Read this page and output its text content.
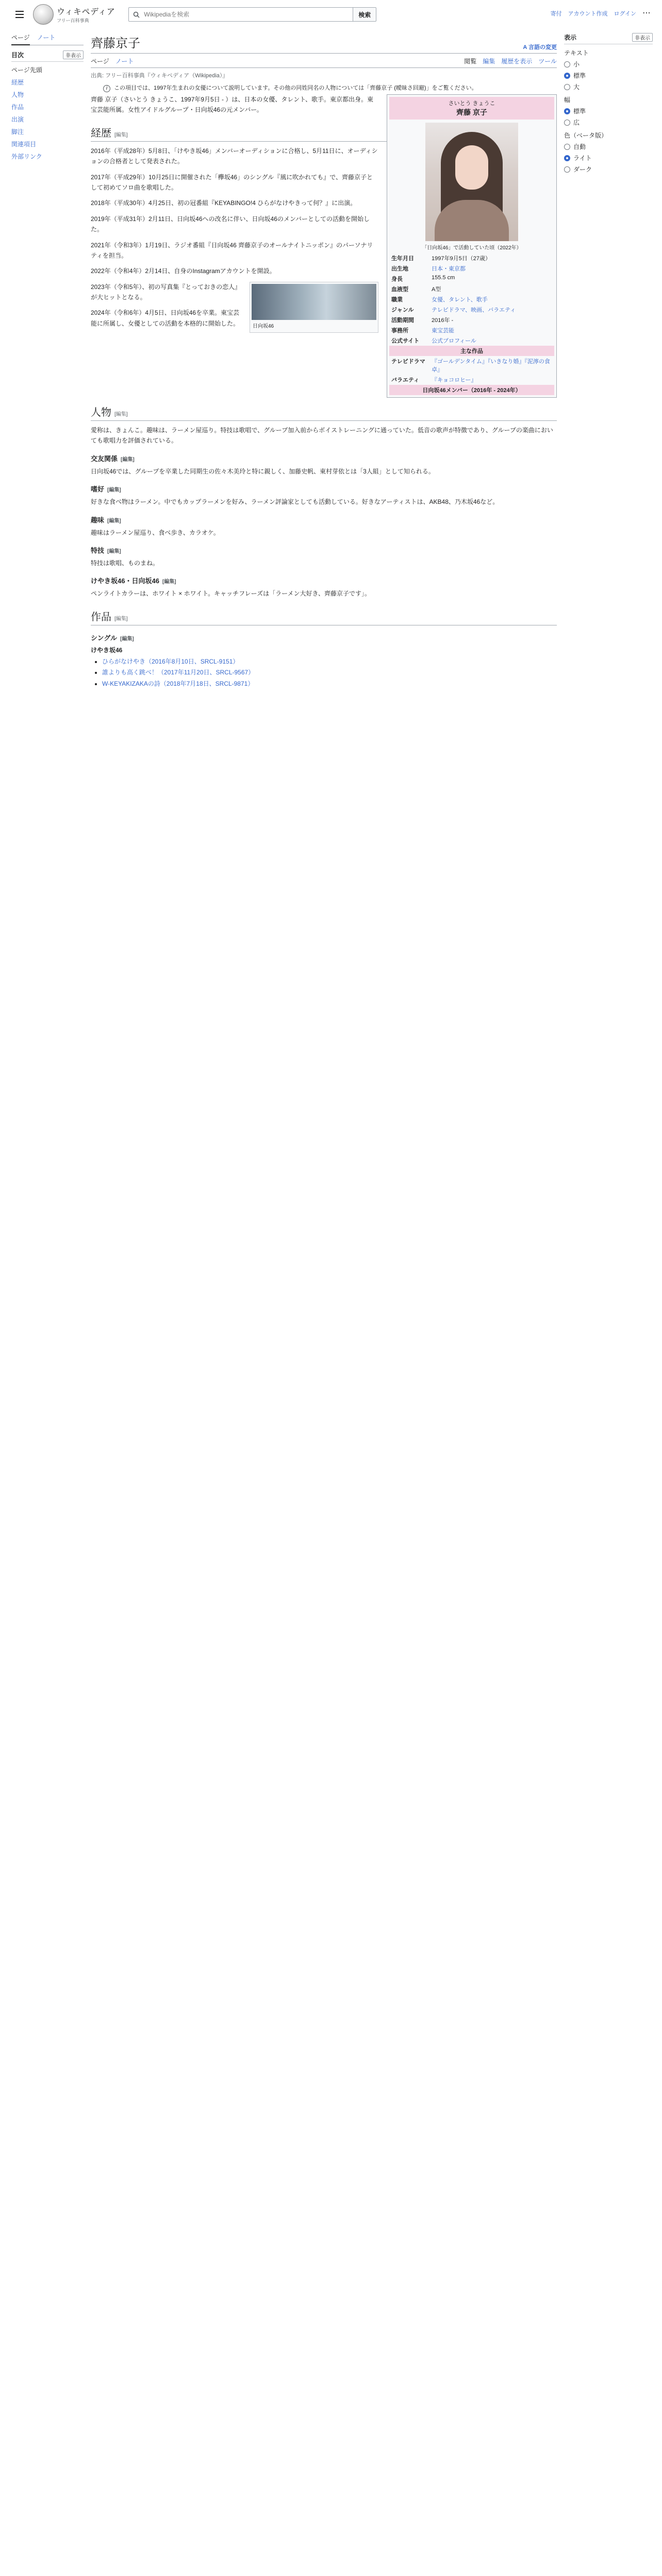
ウィキペディア
フリー百科事典
Wikipediaを検索
検索	寄付 アカウント作成 ログイン ⋯
ページ ノート
目次	非表示
ページ先頭
経歴
人物
作品
出演
脚注
関連項目
外部リンク
齊藤京子	A 言語の変更
ページ ノート	閲覧 編集 履歴を表示 ツール
出典: フリー百科事典『ウィキペディア（Wikipedia）』
i この項目では、1997年生まれの女優について説明しています。その他の同姓同名の人物については「齊藤京子 (曖昧さ回避)」をご覧ください。
さいとう きょうこ
齊藤 京子
「日向坂46」で活動していた頃（2022年）
生年月日	1997年9月5日（27歳）
出生地	日本・東京都
身長	155.5 cm
血液型	A型
職業	女優、タレント、歌手
ジャンル	テレビドラマ、映画、バラエティ
活動期間	2016年 -
事務所	東宝芸能
公式サイト	公式プロフィール
主な作品	
テレビドラマ	『ゴールデンタイム』『いきなり婚』『泥濘の食卓』
バラエティ	『キョコロヒー』
日向坂46メンバー（2016年 - 2024年）	

齊藤 京子（さいとう きょうこ、1997年9月5日 - ）は、日本の女優、タレント、歌手。東京都出身。東宝芸能所属。女性アイドルグループ・日向坂46の元メンバー。

経歴 [編集]

2016年（平成28年）5月8日、「けやき坂46」メンバーオーディションに合格し、5月11日に、オーディションの合格者として発表された。

2017年（平成29年）10月25日に開催された「欅坂46」のシングル『風に吹かれても』で、齊藤京子として初めてソロ曲を歌唱した。

2018年（平成30年）4月25日、初の冠番組『KEYABINGO!4 ひらがなけやきって何？』に出演。

2019年（平成31年）2月11日、日向坂46への改名に伴い、日向坂46のメンバーとしての活動を開始した。

2021年（令和3年）1月19日、ラジオ番組『日向坂46 齊藤京子のオールナイトニッポン』のパーソナリティを担当。

2022年（令和4年）2月14日、自身のInstagramアカウントを開設。

日向坂46

2023年（令和5年）、初の写真集『とっておきの恋人』が大ヒットとなる。

2024年（令和6年）4月5日、日向坂46を卒業。東宝芸能に所属し、女優としての活動を本格的に開始した。

人物 [編集]

愛称は、きょんこ。趣味は、ラーメン屋巡り。特技は歌唱で、グループ加入前からボイストレーニングに通っていた。低音の歌声が特徴であり、グループの楽曲においても歌唱力を評価されている。

交友関係 [編集]

日向坂46では、グループを卒業した同期生の佐々木美玲と特に親しく、加藤史帆、東村芽依とは「3人組」として知られる。

嗜好 [編集]

好きな食べ物はラーメン。中でもカップラーメンを好み、ラーメン評論家としても活動している。好きなアーティストは、AKB48、乃木坂46など。

趣味 [編集]

趣味はラーメン屋巡り、食べ歩き、カラオケ。

特技 [編集]

特技は歌唱、ものまね。

けやき坂46・日向坂46 [編集]

ペンライトカラーは、ホワイト × ホワイト。キャッチフレーズは「ラーメン大好き、齊藤京子です」。

作品 [編集]
シングル [編集]
けやき坂46
• ひらがなけやき（2016年8月10日、SRCL-9151）
• 誰よりも高く跳べ！（2017年11月20日、SRCL-9567）
• W-KEYAKIZAKAの詩（2018年7月18日、SRCL-9871）
表示	非表示
テキスト
小
標準
大
幅
標準
広
色（ベータ版）
自動
ライト
ダーク
